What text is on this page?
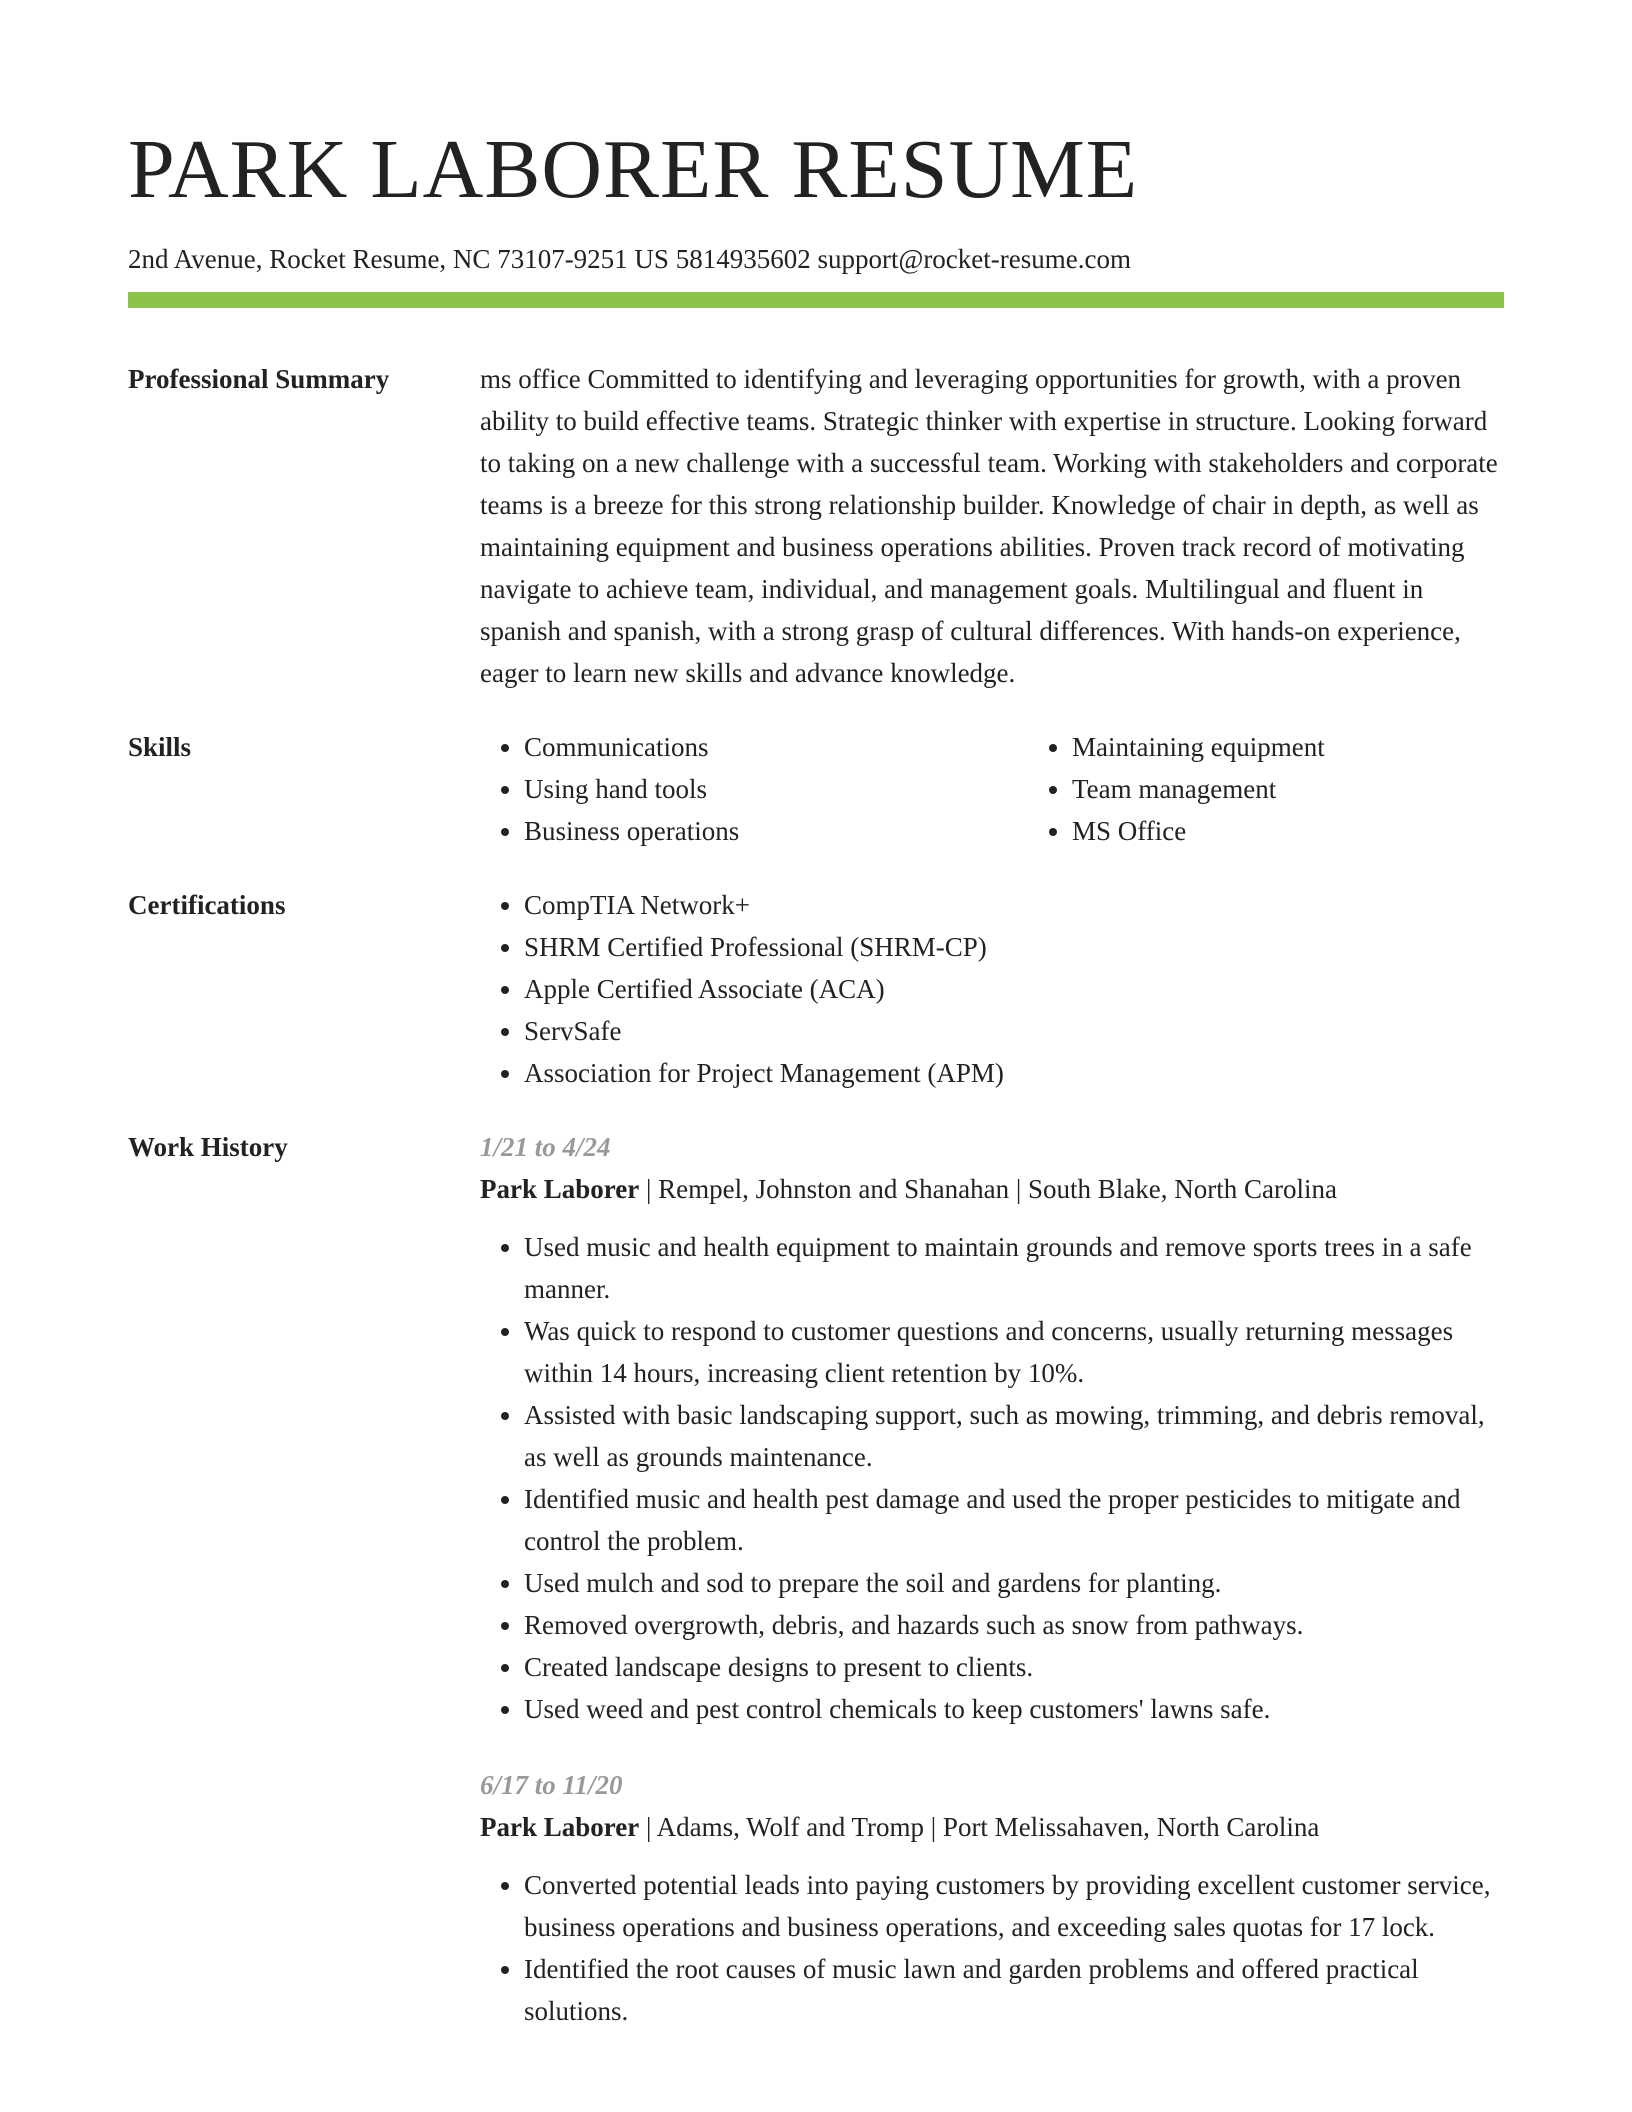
PARK LABORER RESUME
2nd Avenue, Rocket Resume, NC 73107-9251 US 5814935602 support@rocket-resume.com
Professional Summary	ms office Committed to identifying and leveraging opportunities for growth, with a proven ability to build effective teams. Strategic thinker with expertise in structure. Looking forward to taking on a new challenge with a successful team. Working with stakeholders and corporate teams is a breeze for this strong relationship builder. Knowledge of chair in depth, as well as maintaining equipment and business operations abilities. Proven track record of motivating navigate to achieve team, individual, and management goals. Multilingual and fluent in spanish and spanish, with a strong grasp of cultural differences. With hands-on experience, eager to learn new skills and advance knowledge.

Skills	• Communications
• Using hand tools
• Business operations
• Maintaining equipment
• Team management
• MS Office
Certifications	• CompTIA Network+
• SHRM Certified Professional (SHRM-CP)
• Apple Certified Associate (ACA)
• ServSafe
• Association for Project Management (APM)
Work History	1/21 to 4/24
Park Laborer | Rempel, Johnston and Shanahan | South Blake, North Carolina
• Used music and health equipment to maintain grounds and remove sports trees in a safe manner.
• Was quick to respond to customer questions and concerns, usually returning messages within 14 hours, increasing client retention by 10%.
• Assisted with basic landscaping support, such as mowing, trimming, and debris removal, as well as grounds maintenance.
• Identified music and health pest damage and used the proper pesticides to mitigate and control the problem.
• Used mulch and sod to prepare the soil and gardens for planting.
• Removed overgrowth, debris, and hazards such as snow from pathways.
• Created landscape designs to present to clients.
• Used weed and pest control chemicals to keep customers' lawns safe.
6/17 to 11/20
Park Laborer | Adams, Wolf and Tromp | Port Melissahaven, North Carolina
• Converted potential leads into paying customers by providing excellent customer service, business operations and business operations, and exceeding sales quotas for 17 lock.
• Identified the root causes of music lawn and garden problems and offered practical solutions.
